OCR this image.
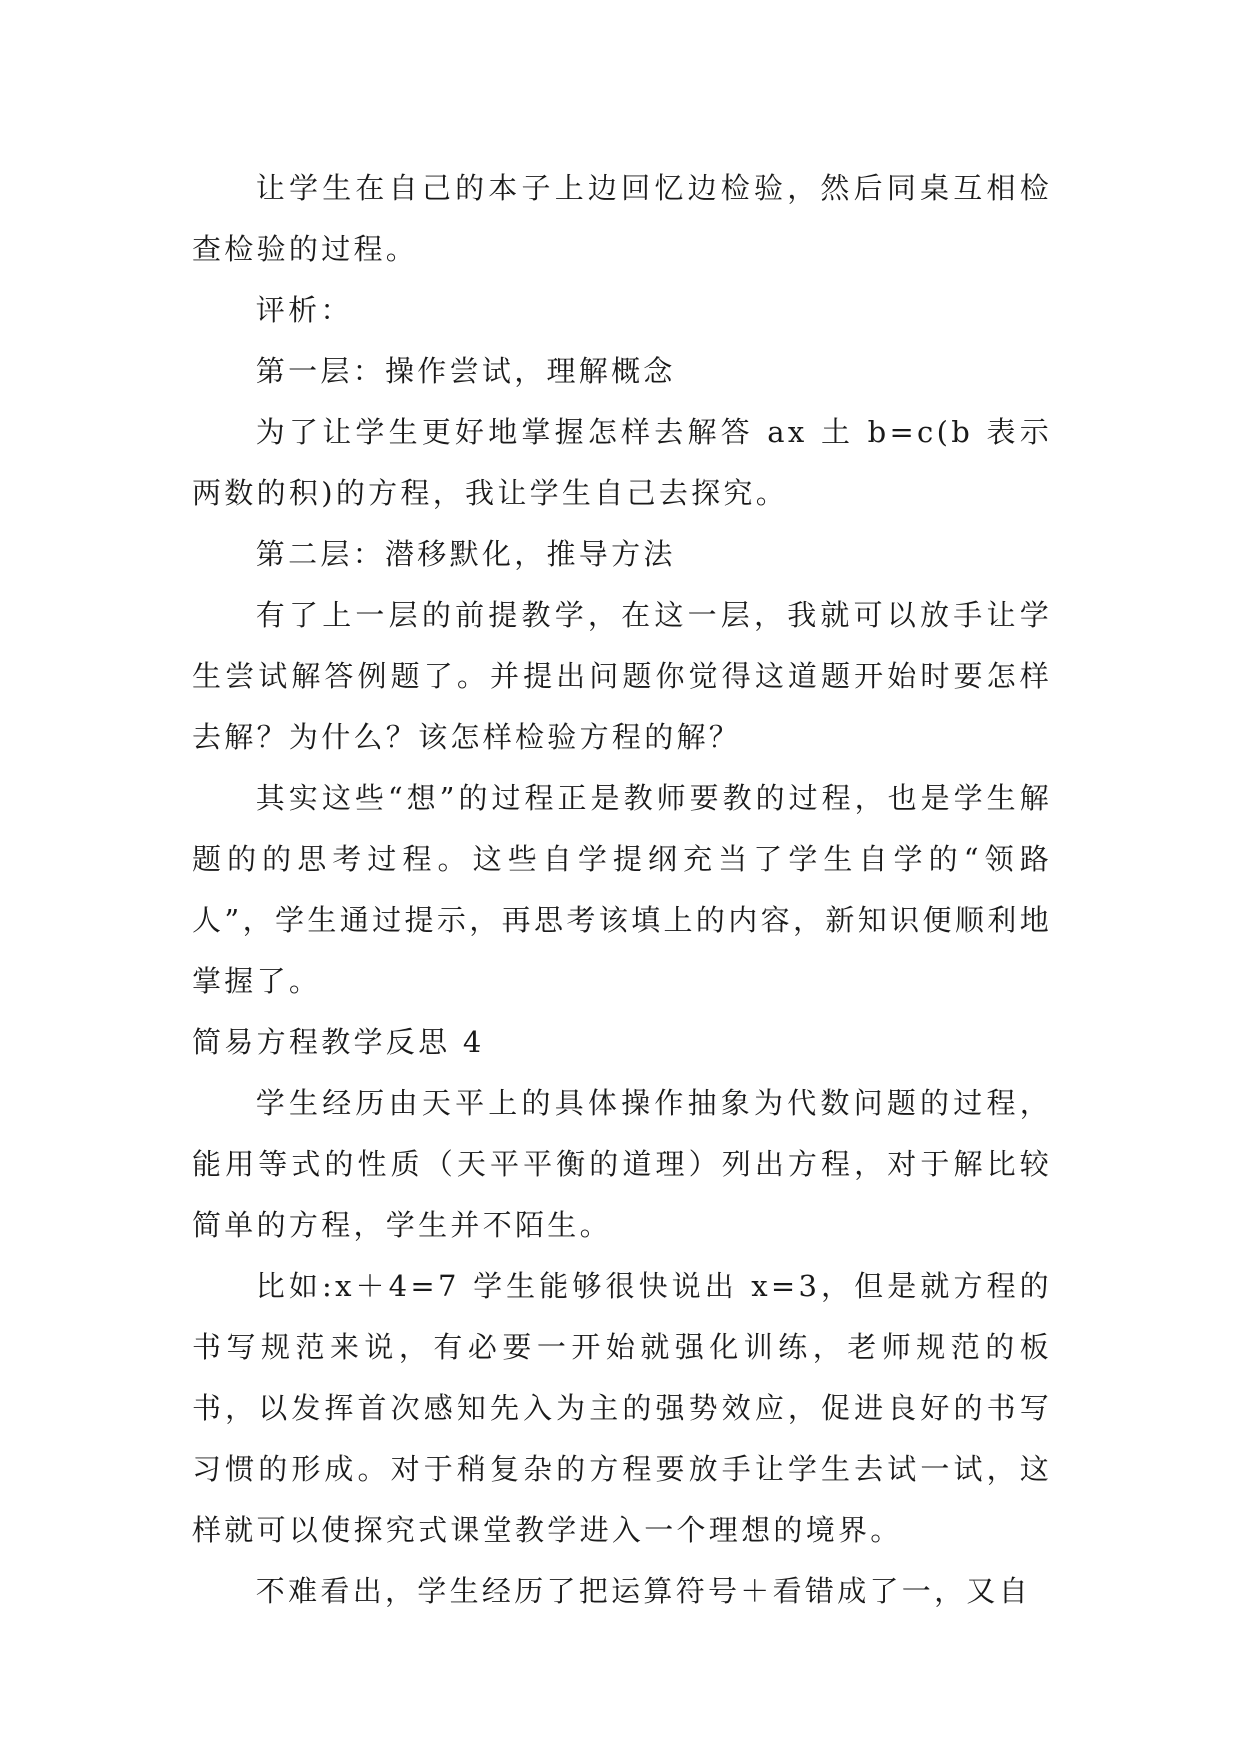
让学生在自己的本子上边回忆边检验，然后同桌互相检查检验的过程。

评析：

第一层：操作尝试，理解概念

为了让学生更好地掌握怎样去解答 ax 土 b=c(b 表示两数的积)的方程，我让学生自己去探究。

第二层：潜移默化，推导方法

有了上一层的前提教学，在这一层，我就可以放手让学生尝试解答例题了。并提出问题你觉得这道题开始时要怎样去解？为什么？该怎样检验方程的解？

其实这些“想”的过程正是教师要教的过程，也是学生解题的的思考过程。这些自学提纲充当了学生自学的“领路人”，学生通过提示，再思考该填上的内容，新知识便顺利地掌握了。

简易方程教学反思 4

学生经历由天平上的具体操作抽象为代数问题的过程，能用等式的性质（天平平衡的道理）列出方程，对于解比较简单的方程，学生并不陌生。

比如:x＋4=7 学生能够很快说出 x=3，但是就方程的书写规范来说，有必要一开始就强化训练，老师规范的板书，以发挥首次感知先入为主的强势效应，促进良好的书写习惯的形成。对于稍复杂的方程要放手让学生去试一试，这样就可以使探究式课堂教学进入一个理想的境界。

不难看出，学生经历了把运算符号＋看错成了一，又自
